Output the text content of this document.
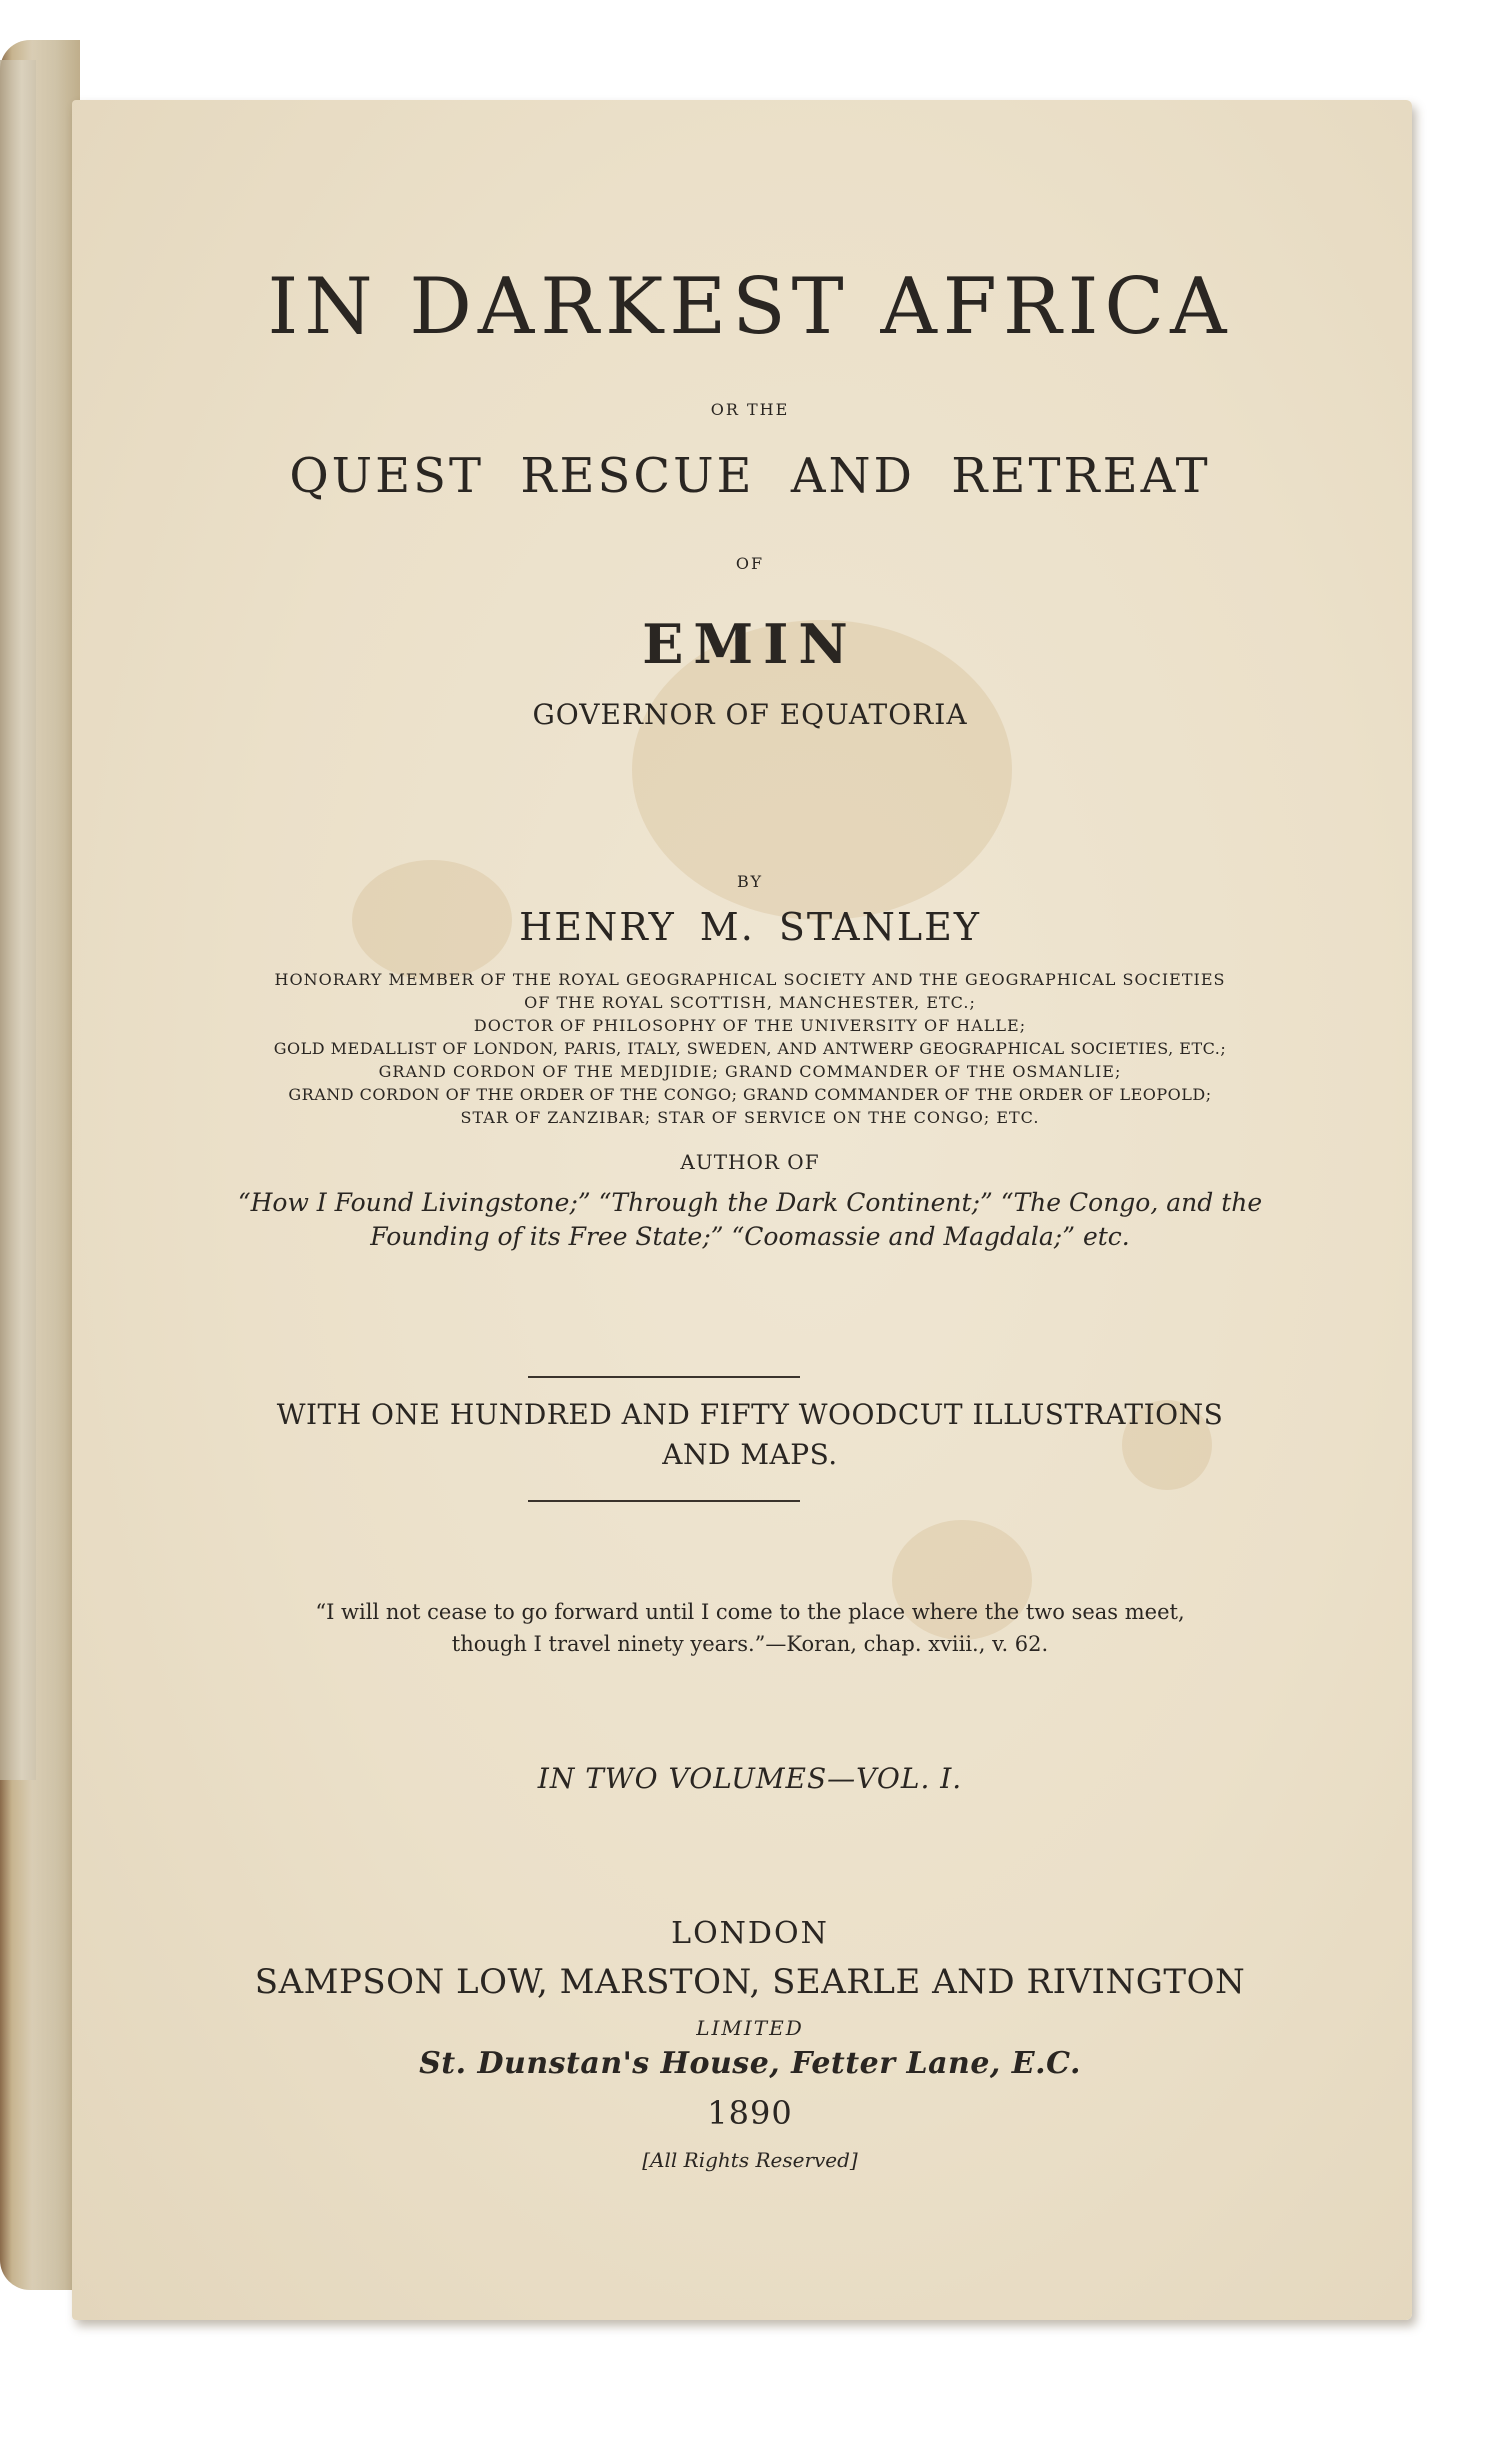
IN DARKEST AFRICA

OR THE

QUEST RESCUE AND RETREAT

OF

EMIN

GOVERNOR OF EQUATORIA

BY

HENRY M. STANLEY

HONORARY MEMBER OF THE ROYAL GEOGRAPHICAL SOCIETY AND THE GEOGRAPHICAL SOCIETIES

OF THE ROYAL SCOTTISH, MANCHESTER, ETC.;

DOCTOR OF PHILOSOPHY OF THE UNIVERSITY OF HALLE;

GOLD MEDALLIST OF LONDON, PARIS, ITALY, SWEDEN, AND ANTWERP GEOGRAPHICAL SOCIETIES, ETC.;

GRAND CORDON OF THE MEDJIDIE; GRAND COMMANDER OF THE OSMANLIE;

GRAND CORDON OF THE ORDER OF THE CONGO; GRAND COMMANDER OF THE ORDER OF LEOPOLD;

STAR OF ZANZIBAR; STAR OF SERVICE ON THE CONGO; ETC.

AUTHOR OF

“How I Found Livingstone;” “Through the Dark Continent;” “The Congo, and the

Founding of its Free State;” “Coomassie and Magdala;” etc.

WITH ONE HUNDRED AND FIFTY WOODCUT ILLUSTRATIONS

AND MAPS.

“I will not cease to go forward until I come to the place where the two seas meet,

though I travel ninety years.”—Koran, chap. xviii., v. 62.

IN TWO VOLUMES—VOL. I.

LONDON

SAMPSON LOW, MARSTON, SEARLE AND RIVINGTON

LIMITED

St. Dunstan's House, Fetter Lane, E.C.

1890

[All Rights Reserved]
